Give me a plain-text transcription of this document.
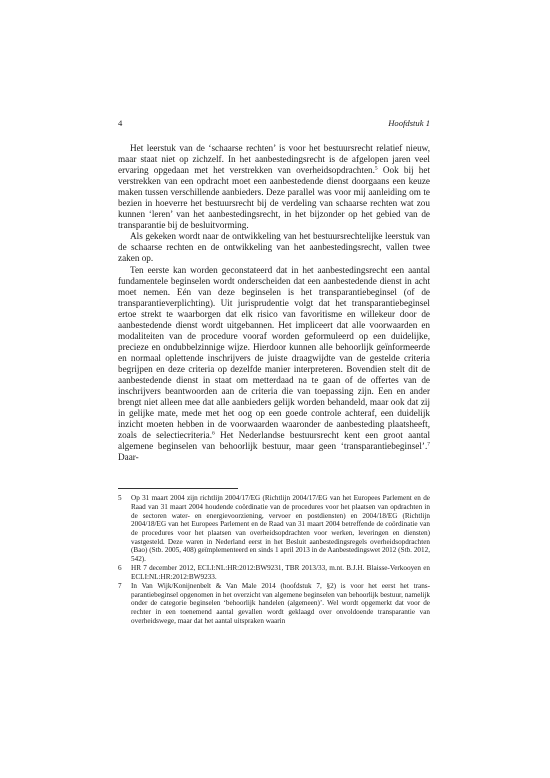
4	Hoofdstuk 1

Het leerstuk van de ‘schaarse rechten’ is voor het bestuursrecht relatief nieuw, maar staat niet op zichzelf. In het aanbestedingsrecht is de afgelopen jaren veel ervaring opgedaan met het verstrekken van overheidsopdrachten.$^5$ Ook bij het verstrekken van een opdracht moet een aanbestedende dienst doorgaans een keuze maken tussen verschillende aanbieders. Deze parallel was voor mij aanleiding om te bezien in hoeverre het bestuursrecht bij de verdeling van schaarse rechten wat zou kunnen ‘leren’ van het aanbestedingsrecht, in het bijzonder op het gebied van de transparantie bij de besluitvorming.

Als gekeken wordt naar de ontwikkeling van het bestuursrechtelijke leerstuk van de schaarse rechten en de ontwikkeling van het aanbestedingsrecht, vallen twee zaken op.

Ten eerste kan worden geconstateerd dat in het aanbestedingsrecht een aantal fundamentele beginselen wordt onderscheiden dat een aanbestedende dienst in acht moet nemen. Eén van deze beginselen is het transparantiebeginsel (of de transparantieverplichting). Uit jurisprudentie volgt dat het transparantiebeginsel ertoe strekt te waarborgen dat elk risico van favoritisme en willekeur door de aanbestedende dienst wordt uitgebannen. Het impliceert dat alle voorwaarden en modaliteiten van de procedure vooraf worden geformuleerd op een duidelijke, precieze en ondubbelzinnige wijze. Hierdoor kunnen alle behoorlijk geïnformeerde en normaal oplettende inschrijvers de juiste draagwijdte van de gestelde criteria begrijpen en deze criteria op dezelfde manier interpreteren. Bovendien stelt dit de aanbestedende dienst in staat om metterdaad na te gaan of de offertes van de inschrijvers beantwoorden aan de criteria die van toepassing zijn. Een en ander brengt niet alleen mee dat alle aanbieders gelijk worden behandeld, maar ook dat zij in gelijke mate, mede met het oog op een goede controle achteraf, een duidelijk inzicht moeten hebben in de voorwaarden waaronder de aanbesteding plaatsheeft, zoals de selectiecriteria.$^6$ Het Nederlandse bestuursrecht kent een groot aantal algemene beginselen van behoorlijk bestuur, maar geen ‘transparantiebeginsel’.$^7$ Daar-

5	Op 31 maart 2004 zijn richtlijn 2004/17/EG (Richtlijn 2004/17/EG van het Europees Parlement en de Raad van 31 maart 2004 houdende coördinatie van de procedures voor het plaatsen van opdrachten in de sectoren water- en energievoorziening, vervoer en postdiensten) en 2004/18/EG (Richtlijn 2004/18/EG van het Europees Parlement en de Raad van 31 maart 2004 betreffende de coördinatie van de procedures voor het plaatsen van overheidsopdrachten voor werken, leveringen en diensten) vastgesteld. Deze waren in Nederland eerst in het Besluit aanbestedingsregels overheidsopdrachten (Bao) (Stb. 2005, 408) geïmplementeerd en sinds 1 april 2013 in de Aanbestedingswet 2012 (Stb. 2012, 542).
6	HR 7 december 2012, ECLI:NL:HR:2012:BW9231, TBR 2013/33, m.nt. B.J.H. Blaisse-Verkooyen en ECLI:NL:HR:2012:BW9233.
7	In Van Wijk/Konijnenbelt & Van Male 2014 (hoofdstuk 7, §2) is voor het eerst het transparantiebeginsel opgenomen in het overzicht van algemene beginselen van behoorlijk bestuur, namelijk onder de categorie beginselen ‘behoorlijk handelen (algemeen)’. Wel wordt opgemerkt dat voor de rechter in een toenemend aantal gevallen wordt geklaagd over onvoldoende transparantie van overheidswege, maar dat het aantal uitspraken waarin
